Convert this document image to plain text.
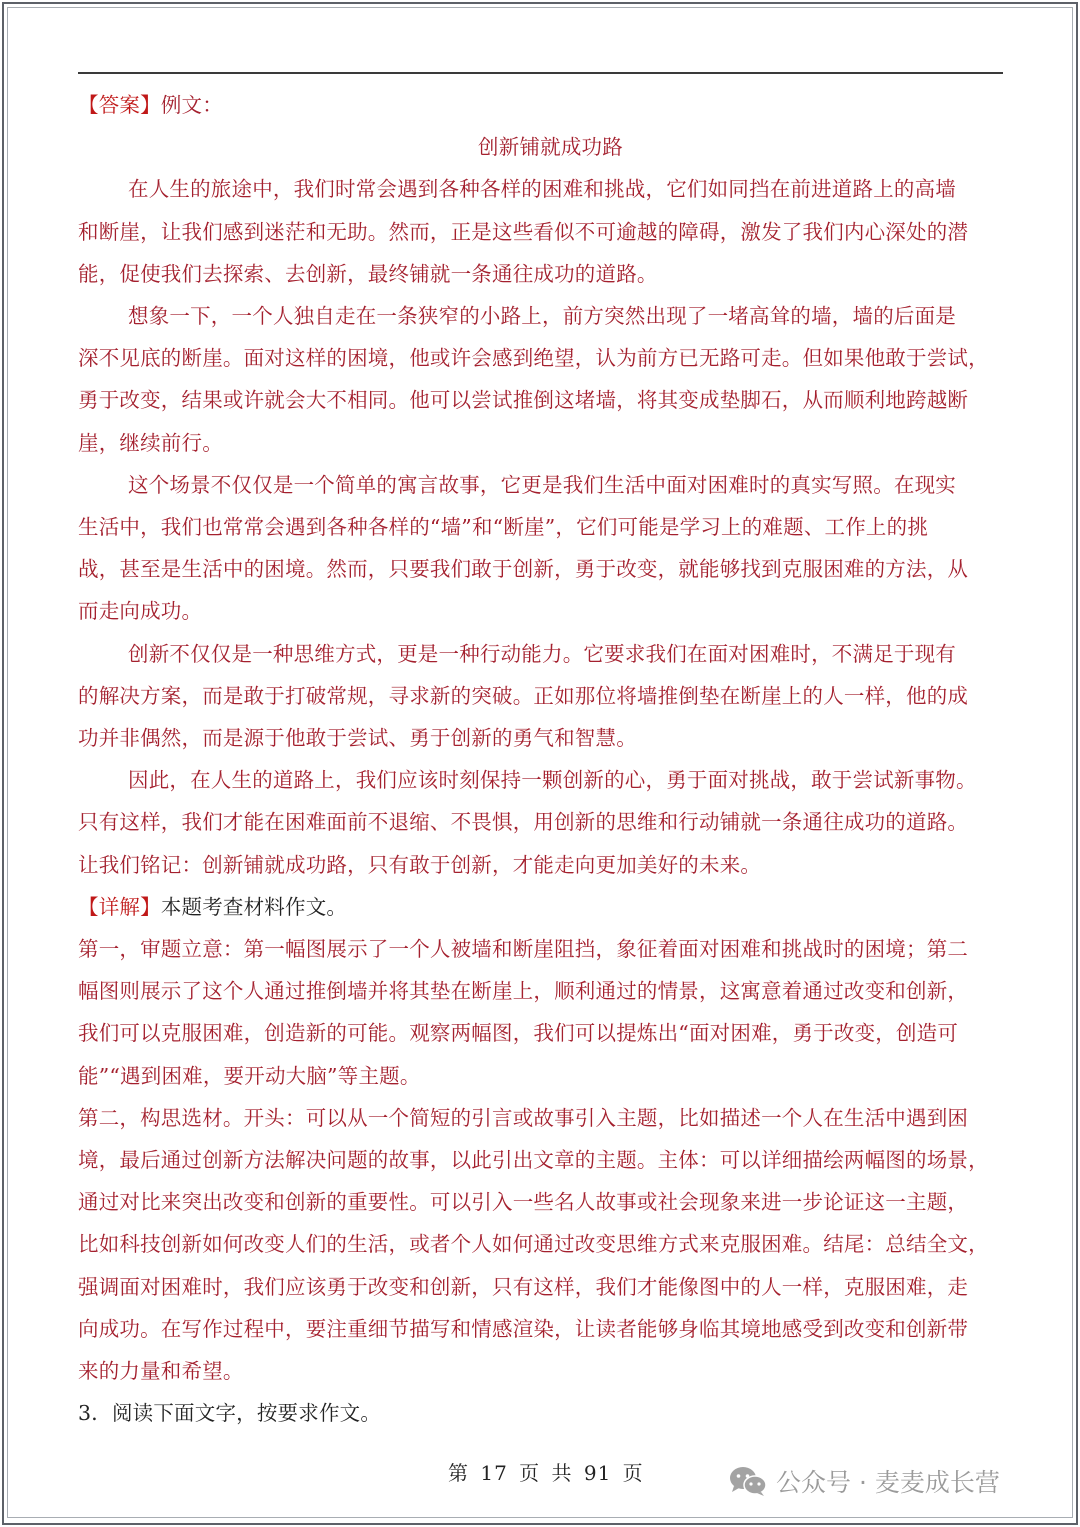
【答案】例文：
创新铺就成功路
在人生的旅途中，我们时常会遇到各种各样的困难和挑战，它们如同挡在前进道路上的高墙
和断崖，让我们感到迷茫和无助。然而，正是这些看似不可逾越的障碍，激发了我们内心深处的潜
能，促使我们去探索、去创新，最终铺就一条通往成功的道路。
想象一下，一个人独自走在一条狭窄的小路上，前方突然出现了一堵高耸的墙，墙的后面是
深不见底的断崖。面对这样的困境，他或许会感到绝望，认为前方已无路可走。但如果他敢于尝试，
勇于改变，结果或许就会大不相同。他可以尝试推倒这堵墙，将其变成垫脚石，从而顺利地跨越断
崖，继续前行。
这个场景不仅仅是一个简单的寓言故事，它更是我们生活中面对困难时的真实写照。在现实
生活中，我们也常常会遇到各种各样的“墙”和“断崖”，它们可能是学习上的难题、工作上的挑
战，甚至是生活中的困境。然而，只要我们敢于创新，勇于改变，就能够找到克服困难的方法，从
而走向成功。
创新不仅仅是一种思维方式，更是一种行动能力。它要求我们在面对困难时，不满足于现有
的解决方案，而是敢于打破常规，寻求新的突破。正如那位将墙推倒垫在断崖上的人一样，他的成
功并非偶然，而是源于他敢于尝试、勇于创新的勇气和智慧。
因此，在人生的道路上，我们应该时刻保持一颗创新的心，勇于面对挑战，敢于尝试新事物。
只有这样，我们才能在困难面前不退缩、不畏惧，用创新的思维和行动铺就一条通往成功的道路。
让我们铭记：创新铺就成功路，只有敢于创新，才能走向更加美好的未来。
【详解】本题考查材料作文。
第一，审题立意：第一幅图展示了一个人被墙和断崖阻挡，象征着面对困难和挑战时的困境；第二
幅图则展示了这个人通过推倒墙并将其垫在断崖上，顺利通过的情景，这寓意着通过改变和创新，
我们可以克服困难，创造新的可能。观察两幅图，我们可以提炼出“面对困难，勇于改变，创造可
能”“遇到困难，要开动大脑”等主题。
第二，构思选材。开头：可以从一个简短的引言或故事引入主题，比如描述一个人在生活中遇到困
境，最后通过创新方法解决问题的故事，以此引出文章的主题。主体：可以详细描绘两幅图的场景，
通过对比来突出改变和创新的重要性。可以引入一些名人故事或社会现象来进一步论证这一主题，
比如科技创新如何改变人们的生活，或者个人如何通过改变思维方式来克服困难。结尾：总结全文，
强调面对困难时，我们应该勇于改变和创新，只有这样，我们才能像图中的人一样，克服困难，走
向成功。在写作过程中，要注重细节描写和情感渲染，让读者能够身临其境地感受到改变和创新带
来的力量和希望。
3．阅读下面文字，按要求作文。
第 17 页 共 91 页	公众号 · 麦麦成长营
